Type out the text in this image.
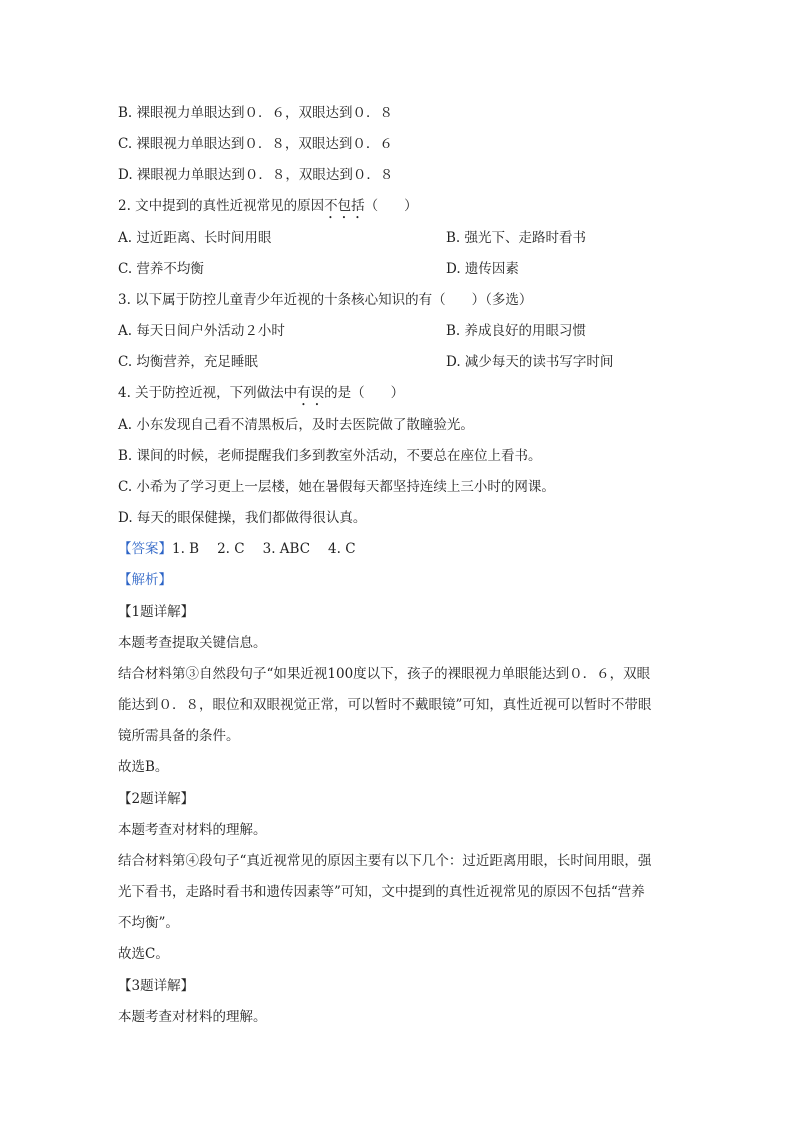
B. 裸眼视力单眼达到０．６，双眼达到０．８
C. 裸眼视力单眼达到０．８，双眼达到０．６
D. 裸眼视力单眼达到０．８，双眼达到０．８
2. 文中提到的真性近视常见的原因不包括（ ）
A. 过近距离、长时间用眼	B. 强光下、走路时看书
C. 营养不均衡	D. 遗传因素
3. 以下属于防控儿童青少年近视的十条核心知识的有（ ）（多选）
A. 每天日间户外活动２小时	B. 养成良好的用眼习惯
C. 均衡营养，充足睡眠	D. 减少每天的读书写字时间
4. 关于防控近视，下列做法中有误的是（ ）
A. 小东发现自己看不清黑板后，及时去医院做了散瞳验光。
B. 课间的时候，老师提醒我们多到教室外活动，不要总在座位上看书。
C. 小希为了学习更上一层楼，她在暑假每天都坚持连续上三小时的网课。
D. 每天的眼保健操，我们都做得很认真。
【答案】1. B 2. C 3. ABC 4. C
【解析】
【1题详解】
本题考查提取关键信息。
结合材料第③自然段句子“如果近视100度以下，孩子的裸眼视力单眼能达到０．６，双眼
能达到０．８，眼位和双眼视觉正常，可以暂时不戴眼镜”可知，真性近视可以暂时不带眼
镜所需具备的条件。
故选B。
【2题详解】
本题考查对材料的理解。
结合材料第④段句子“真近视常见的原因主要有以下几个：过近距离用眼，长时间用眼，强
光下看书，走路时看书和遗传因素等”可知，文中提到的真性近视常见的原因不包括“营养
不均衡”。
故选C。
【3题详解】
本题考查对材料的理解。
